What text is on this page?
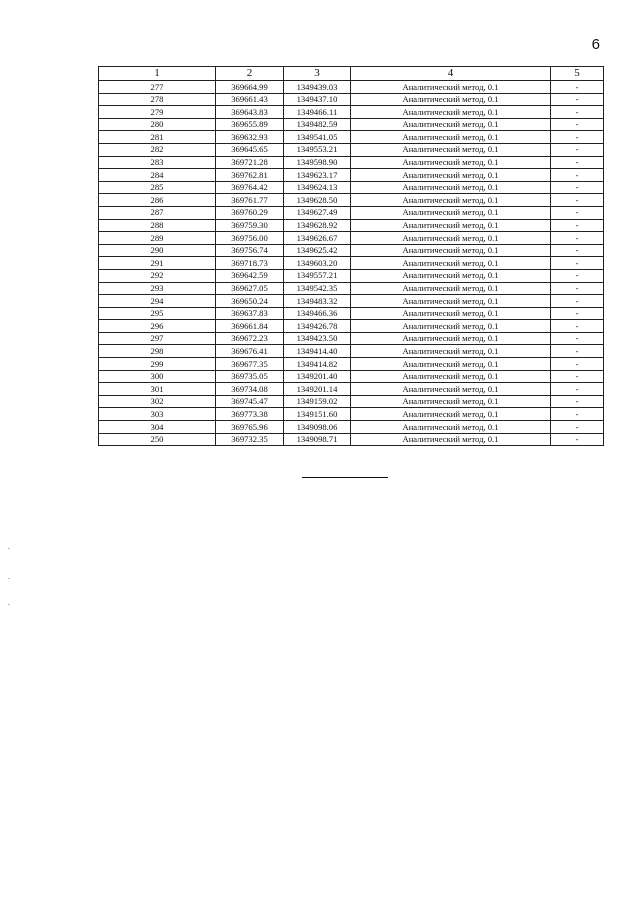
6
1	2	3	4	5
277	369664.99	1349439.03	Аналитический метод, 0.1	-
278	369661.43	1349437.10	Аналитический метод, 0.1	-
279	369643.83	1349466.11	Аналитический метод, 0.1	-
280	369655.89	1349482.59	Аналитический метод, 0.1	-
281	369632.93	1349541.05	Аналитический метод, 0.1	-
282	369645.65	1349553.21	Аналитический метод, 0.1	-
283	369721.28	1349598.90	Аналитический метод, 0.1	-
284	369762.81	1349623.17	Аналитический метод, 0.1	-
285	369764.42	1349624.13	Аналитический метод, 0.1	-
286	369761.77	1349628.50	Аналитический метод, 0.1	-
287	369760.29	1349627.49	Аналитический метод, 0.1	-
288	369759.30	1349628.92	Аналитический метод, 0.1	-
289	369756.00	1349626.67	Аналитический метод, 0.1	-
290	369756.74	1349625.42	Аналитический метод, 0.1	-
291	369718.73	1349603.20	Аналитический метод, 0.1	-
292	369642.59	1349557.21	Аналитический метод, 0.1	-
293	369627.05	1349542.35	Аналитический метод, 0.1	-
294	369650.24	1349483.32	Аналитический метод, 0.1	-
295	369637.83	1349466.36	Аналитический метод, 0.1	-
296	369661.84	1349426.78	Аналитический метод, 0.1	-
297	369672.23	1349423.50	Аналитический метод, 0.1	-
298	369676.41	1349414.40	Аналитический метод, 0.1	-
299	369677.35	1349414.82	Аналитический метод, 0.1	-
300	369735.05	1349201.40	Аналитический метод, 0.1	-
301	369734.08	1349201.14	Аналитический метод, 0.1	-
302	369745.47	1349159.02	Аналитический метод, 0.1	-
303	369773.38	1349151.60	Аналитический метод, 0.1	-
304	369765.96	1349098.06	Аналитический метод, 0.1	-
250	369732.35	1349098.71	Аналитический метод, 0.1	-
